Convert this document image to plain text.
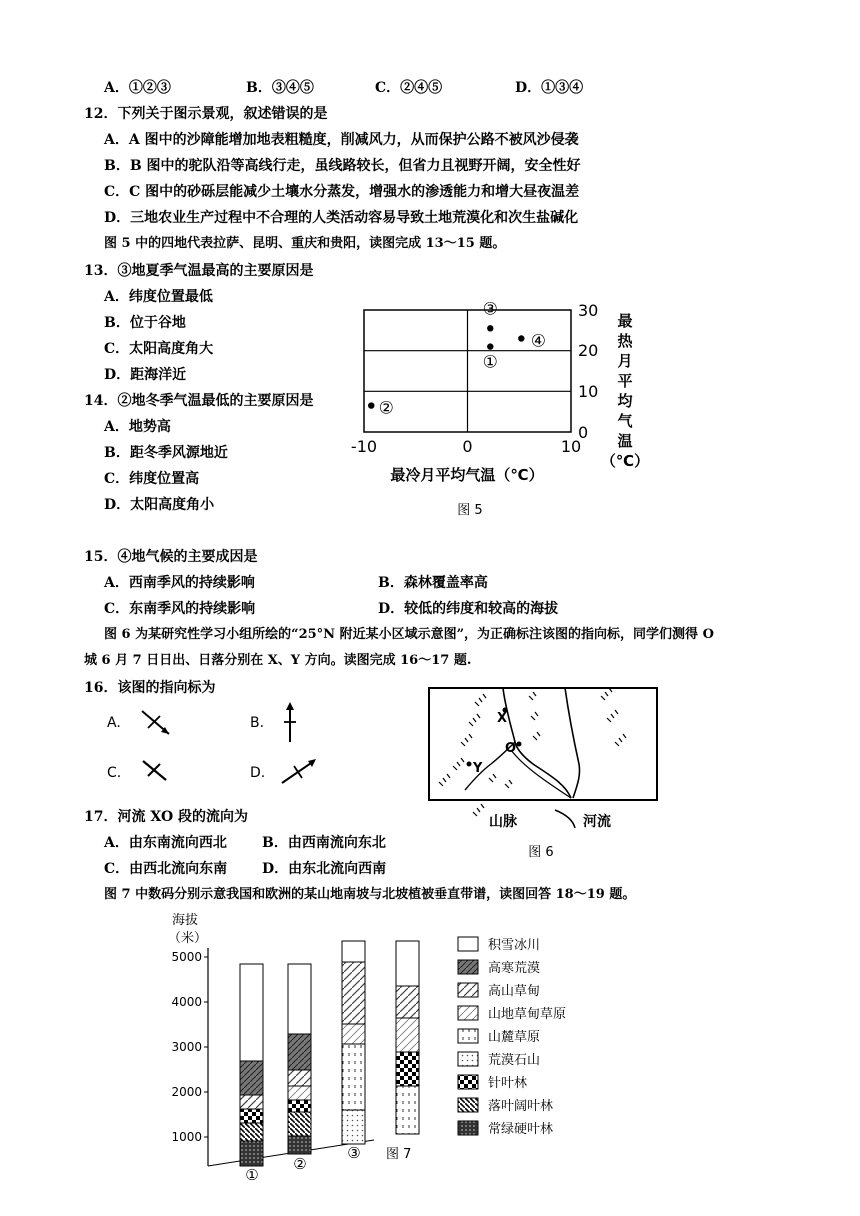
A．①②③	B．③④⑤	C．②④⑤	D．①③④
12．下列关于图示景观，叙述错误的是
A．A 图中的沙障能增加地表粗糙度，削减风力，从而保护公路不被风沙侵袭
B．B 图中的驼队沿等高线行走，虽线路较长，但省力且视野开阔，安全性好
C．C 图中的砂砾层能减少土壤水分蒸发，增强水的渗透能力和增大昼夜温差
D．三地农业生产过程中不合理的人类活动容易导致土地荒漠化和次生盐碱化
图 5 中的四地代表拉萨、昆明、重庆和贵阳，读图完成 13～15 题。
13．③地夏季气温最高的主要原因是
A．纬度位置最低
B．位于谷地
C．太阳高度角大
D．距海洋近
14．②地冬季气温最低的主要原因是
A．地势高
B．距冬季风源地近
C．纬度位置高
D．太阳高度角小
①
②
③
④
-10	0	10
30
20
10
0
最冷月平均气温（℃）
最
热
月
平
均
气
温
（℃）
图 5
15．④地气候的主要成因是
A．西南季风的持续影响	B．森林覆盖率高
C．东南季风的持续影响	D．较低的纬度和较高的海拔
图 6 为某研究性学习小组所绘的“25°N 附近某小区域示意图”，为正确标注该图的指向标，同学们测得 O
城 6 月 7 日日出、日落分别在 X、Y 方向。读图完成 16～17 题.
16．该图的指向标为
A.	B.
C.	D.
X
O
Y
山脉	河流
图 6
17．河流 XO 段的流向为
A．由东南流向西北	B．由西南流向东北
C．由西北流向东南 D．由东北流向西南
图 7 中数码分别示意我国和欧洲的某山地南坡与北坡植被垂直带谱，读图回答 18～19 题。
5000
4000
3000
2000
1000
海拔
（米）
①
②
③ 图 7
积雪冰川
高寒荒漠
高山草甸
山地草甸草原
山麓草原
荒漠石山
针叶林
落叶阔叶林
常绿硬叶林
